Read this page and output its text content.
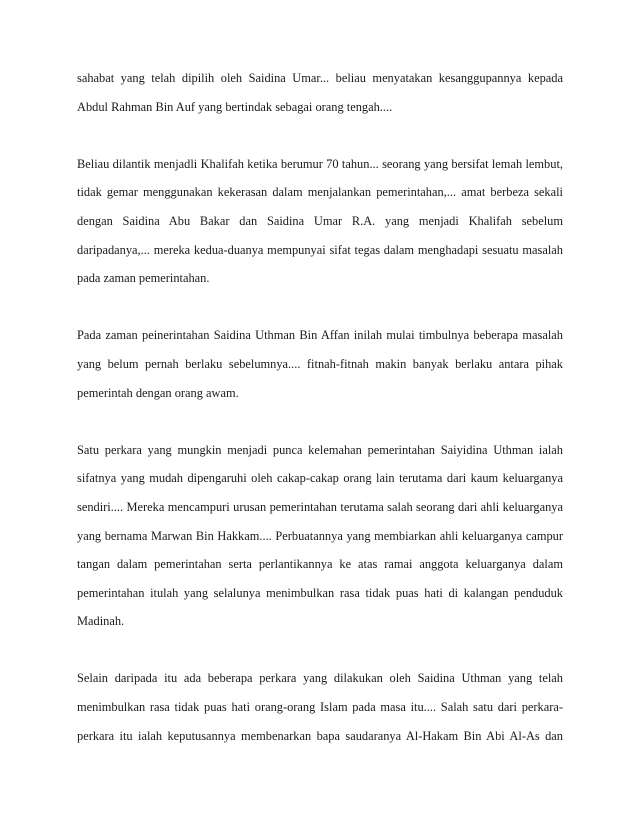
sahabat yang telah dipilih oleh Saidina Umar... beliau menyatakan kesanggupannya kepada
Abdul Rahman Bin Auf yang bertindak sebagai orang tengah....

Beliau dilantik menjadli Khalifah ketika berumur 70 tahun... seorang yang bersifat lemah lembut,
tidak gemar menggunakan kekerasan dalam menjalankan pemerintahan,... amat berbeza sekali
dengan Saidina Abu Bakar dan Saidina Umar R.A. yang menjadi Khalifah sebelum
daripadanya,... mereka kedua-duanya mempunyai sifat tegas dalam menghadapi sesuatu masalah
pada zaman pemerintahan.

Pada zaman peinerintahan Saidina Uthman Bin Affan inilah mulai timbulnya beberapa masalah
yang belum pernah berlaku sebelumnya.... fitnah-fitnah makin banyak berlaku antara pihak
pemerintah dengan orang awam.

Satu perkara yang mungkin menjadi punca kelemahan pemerintahan Saiyidina Uthman ialah
sifatnya yang mudah dipengaruhi oleh cakap-cakap orang lain terutama dari kaum keluarganya
sendiri.... Mereka mencampuri urusan pemerintahan terutama salah seorang dari ahli keluarganya
yang bernama Marwan Bin Hakkam.... Perbuatannya yang membiarkan ahli keluarganya campur
tangan dalam pemerintahan serta perlantikannya ke atas ramai anggota keluarganya dalam
pemerintahan itulah yang selalunya menimbulkan rasa tidak puas hati di kalangan penduduk
Madinah.

Selain daripada itu ada beberapa perkara yang dilakukan oleh Saidina Uthman yang telah
menimbulkan rasa tidak puas hati orang-orang Islam pada masa itu.... Salah satu dari perkara-
perkara itu ialah keputusannya membenarkan bapa saudaranya Al-Hakam Bin Abi Al-As dan
